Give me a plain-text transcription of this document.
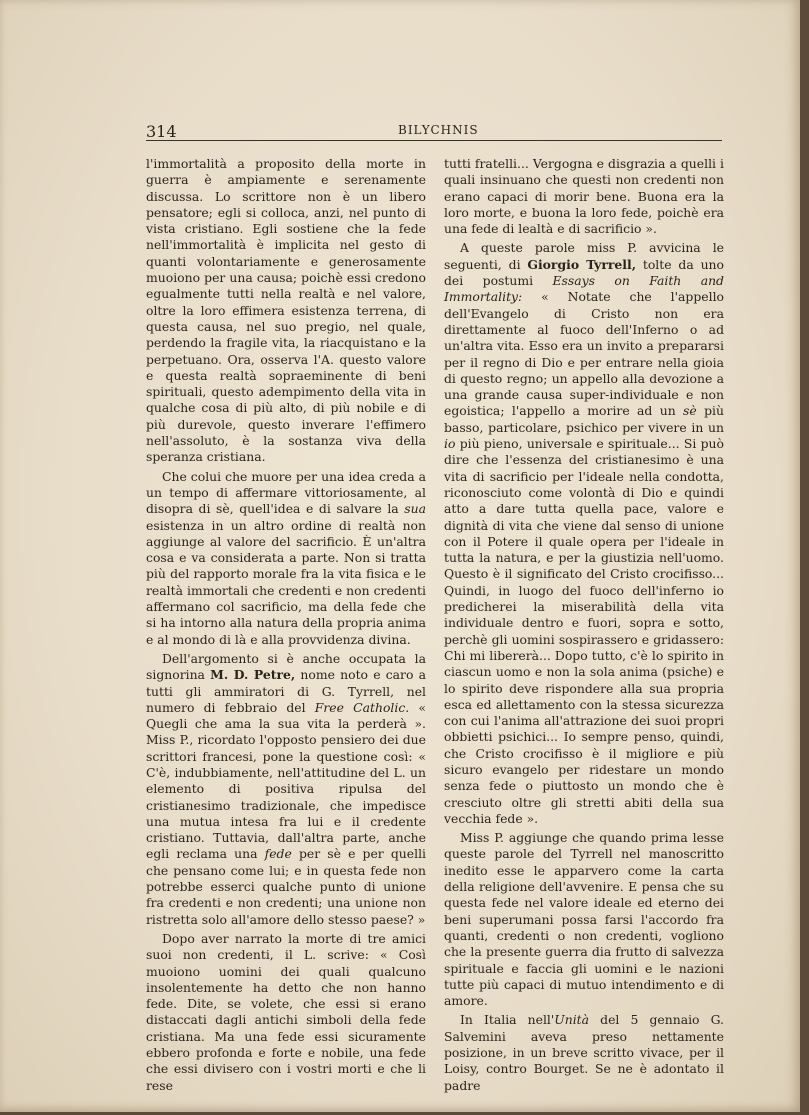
314	BILYCHNIS

l'immortalità a proposito della morte in guerra è ampiamente e serenamente discussa. Lo scrittore non è un libero pensatore; egli si colloca, anzi, nel punto di vista cristiano. Egli sostiene che la fede nell'immortalità è implicita nel gesto di quanti volontariamente e generosamente muoiono per una causa; poichè essi credono egualmente tutti nella realtà e nel valore, oltre la loro effimera esistenza terrena, di questa causa, nel suo pregio, nel quale, perdendo la fragile vita, la riacquistano e la perpetuano. Ora, osserva l'A. questo valore e questa realtà sopraeminente di beni spirituali, questo adempimento della vita in qualche cosa di più alto, di più nobile e di più durevole, questo inverare l'effimero nell'assoluto, è la sostanza viva della speranza cristiana.

Che colui che muore per una idea creda a un tempo di affermare vittoriosamente, al disopra di sè, quell'idea e di salvare la sua esistenza in un altro ordine di realtà non aggiunge al valore del sacrificio. È un'altra cosa e va considerata a parte. Non si tratta più del rapporto morale fra la vita fisica e le realtà immortali che credenti e non credenti affermano col sacrificio, ma della fede che si ha intorno alla natura della propria anima e al mondo di là e alla provvidenza divina.

Dell'argomento si è anche occupata la signorina M. D. Petre, nome noto e caro a tutti gli ammiratori di G. Tyrrell, nel numero di febbraio del Free Catholic. « Quegli che ama la sua vita la perderà ». Miss P., ricordato l'opposto pensiero dei due scrittori francesi, pone la questione così: « C'è, indubbiamente, nell'attitudine del L. un elemento di positiva ripulsa del cristianesimo tradizionale, che impedisce una mutua intesa fra lui e il credente cristiano. Tuttavia, dall'altra parte, anche egli reclama una fede per sè e per quelli che pensano come lui; e in questa fede non potrebbe esserci qualche punto di unione fra credenti e non credenti; una unione non ristretta solo all'amore dello stesso paese? »

Dopo aver narrato la morte di tre amici suoi non credenti, il L. scrive: « Così muoiono uomini dei quali qualcuno insolentemente ha detto che non hanno fede. Dite, se volete, che essi si erano distaccati dagli antichi simboli della fede cristiana. Ma una fede essi sicuramente ebbero profonda e forte e nobile, una fede che essi divisero con i vostri morti e che li rese

tutti fratelli... Vergogna e disgrazia a quelli i quali insinuano che questi non credenti non erano capaci di morir bene. Buona era la loro morte, e buona la loro fede, poichè era una fede di lealtà e di sacrificio ».

A queste parole miss P. avvicina le seguenti, di Giorgio Tyrrell, tolte da uno dei postumi Essays on Faith and Immortality: « Notate che l'appello dell'Evangelo di Cristo non era direttamente al fuoco dell'Inferno o ad un'altra vita. Esso era un invito a prepararsi per il regno di Dio e per entrare nella gioia di questo regno; un appello alla devozione a una grande causa super-individuale e non egoistica; l'appello a morire ad un sè più basso, particolare, psichico per vivere in un io più pieno, universale e spirituale... Si può dire che l'essenza del cristianesimo è una vita di sacrificio per l'ideale nella condotta, riconosciuto come volontà di Dio e quindi atto a dare tutta quella pace, valore e dignità di vita che viene dal senso di unione con il Potere il quale opera per l'ideale in tutta la natura, e per la giustizia nell'uomo. Questo è il significato del Cristo crocifisso... Quindi, in luogo del fuoco dell'inferno io predicherei la miserabilità della vita individuale dentro e fuori, sopra e sotto, perchè gli uomini sospirassero e gridassero: Chi mi libererà... Dopo tutto, c'è lo spirito in ciascun uomo e non la sola anima (psiche) e lo spirito deve rispondere alla sua propria esca ed allettamento con la stessa sicurezza con cui l'anima all'attrazione dei suoi propri obbietti psichici... Io sempre penso, quindi, che Cristo crocifisso è il migliore e più sicuro evangelo per ridestare un mondo senza fede o piuttosto un mondo che è cresciuto oltre gli stretti abiti della sua vecchia fede ».

Miss P. aggiunge che quando prima lesse queste parole del Tyrrell nel manoscritto inedito esse le apparvero come la carta della religione dell'avvenire. E pensa che su questa fede nel valore ideale ed eterno dei beni superumani possa farsi l'accordo fra quanti, credenti o non credenti, vogliono che la presente guerra dia frutto di salvezza spirituale e faccia gli uomini e le nazioni tutte più capaci di mutuo intendimento e di amore.

In Italia nell'Unità del 5 gennaio G. Salvemini aveva preso nettamente posizione, in un breve scritto vivace, per il Loisy, contro Bourget. Se ne è adontato il padre
